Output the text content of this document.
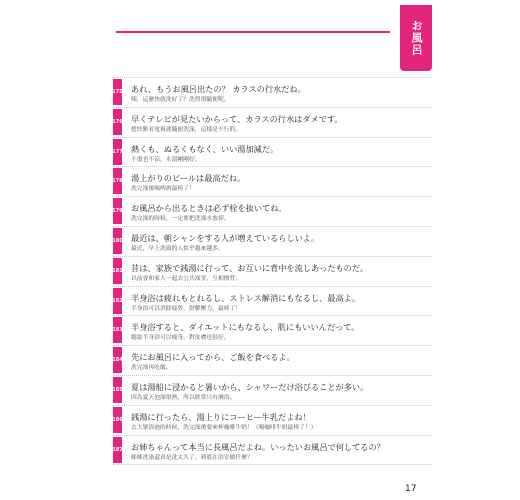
お風呂
175 あれ、もうお風呂出たの？ カラスの行水だね。
咦，這麼快就洗好了？洗得很隨便呢。
176 早くテレビが見たいからって、カラスの行水はダメです。
想快點看電視就隨便洗澡，這樣是不行的。
177 熱くも、ぬるくもなく、いい湯加減だ。
不燙也不涼，水溫剛剛好。
178 湯上がりのビールは最高だね。
洗完澡後喝啤酒最棒了！
179 お風呂から出るときは必ず栓を抜いてね。
洗完澡的時候，一定要把洗澡水放掉。
180 最近は、朝シャンをする人が増えているらしいよ。
最近，早上洗頭的人似乎越來越多。
181 昔は、家族で銭湯に行って、お互いに背中を流しあったものだ。
以前會和家人一起去公共澡堂，互相擦背。
182 半身浴は疲れもとれるし、ストレス解消にもなるし、最高よ。
半身浴可以消除疲勞，舒解壓力，最棒了！
183 半身浴すると、ダイエットにもなるし、肌にもいいんだって。
聽說半身浴可以瘦身，對皮膚也很好。
184 先にお風呂に入ってから、ご飯を食べるよ。
洗完澡再吃飯。
185 夏は湯船に浸かると暑いから、シャワーだけ浴びることが多い。
因為夏天泡澡很熱，所以經常只有淋浴。
186 銭湯に行ったら、湯上りにコーヒー牛乳だよね！
去大眾浴池的時候，洗完澡後要來杯咖啡牛奶！（喝咖啡牛奶最棒了！）
187 お姉ちゃんって本当に長風呂だよね。いったいお風呂で何してるの？
姊姊洗澡還真是洗太久了，到底在浴室做什麼？
17
